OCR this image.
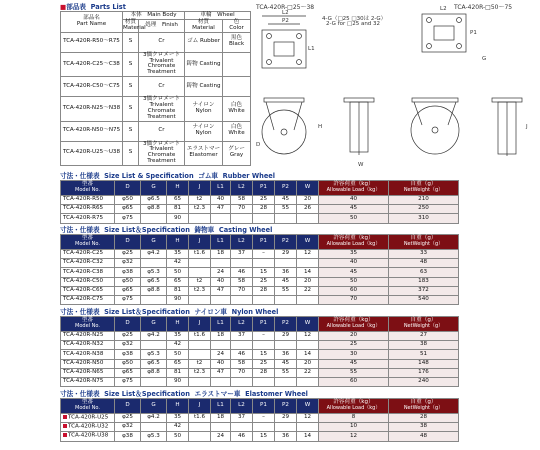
■部品表 Parts List
部品名
Part Name	本体　Main Body		車輪　Wheel	
	材質
Material	処理　 Finish	材質
Material	色
Color
TCA-420R-R50〜R75	S	Cr	ゴム Rubber	黒色 Black
TCA-420R-C25〜C38	S	3価クロメート Trivalent Chromate Treatment	鋳物 Casting	
TCA-420R-C50〜C75	S	Cr	鋳物 Casting	
TCA-420R-N25〜N38	S	3価クロメート Trivalent Chromate Treatment	ナイロン Nylon	白色 White
TCA-420R-N50〜N75	S	Cr	ナイロン Nylon	白色 White
TCA-420R-U25〜U38	S	3価クロメート Trivalent Chromate Treatment	エラストマー Elastomer	グレー Gray
TCA-420R-□25〜38	TCA-420R-□50〜75
4-G（□25 □30は 2-G）
2-G for □25 and 32
L2
P2
L1
D
H
W
L2
P1
G
J
寸法・仕様表 Size List & Specification ゴム車 Rubber Wheel
型番
Model No.	D	G	H	J	L1	L2	P1	P2	W	許容荷重（kg）
Allowable Load（kg）	自重（g）
NetWeight（g）

TCA-420R-R50	φ50	φ6.5	65	t2	40	58	25	45	20	40	210
TCA-420R-R65	φ65	φ8.8	81	t2.3	47	70	28	55	26	45	250
TCA-420R-R75	φ75		90							50	310
寸法・仕様表 Size List＆Specification 鋳物車 Casting Wheel
型番
Model No.	D	G	H	J	L1	L2	P1	P2	W	許容荷重（kg）
Allowable Load（kg）	自重（g）
NetWeight（g）

TCA-420R-C25	φ25	φ4.2	35	t1.6	18	37	–	29	12	35	33
TCA-420R-C32	φ32		42							40	48
TCA-420R-C38	φ38	φ5.3	50		24	46	15	36	14	45	63
TCA-420R-C50	φ50	φ6.5	65	t2	40	58	25	45	20	50	183
TCA-420R-C65	φ65	φ8.8	81	t2.3	47	70	28	55	22	60	372
TCA-420R-C75	φ75		90							70	540
寸法・仕様表 Size List＆Specification ナイロン車 Nylon Wheel
型番
Model No.	D	G	H	J	L1	L2	P1	P2	W	許容荷重（kg）
Allowable Load（kg）	自重（g）
NetWeight（g）

TCA-420R-N25	φ25	φ4.2	35	t1.6	18	37	–	29	12	20	27
TCA-420R-N32	φ32		42							25	38
TCA-420R-N38	φ38	φ5.3	50		24	46	15	36	14	30	51
TCA-420R-N50	φ50	φ6.5	65	t2	40	58	25	45	20	45	148
TCA-420R-N65	φ65	φ8.8	81	t2.3	47	70	28	55	22	55	176
TCA-420R-N75	φ75		90							60	240
寸法・仕様表 Size List＆Specification エラストマー車 Elastomer Wheel
型番
Model No.	D	G	H	J	L1	L2	P1	P2	W	許容荷重（kg）
Allowable Load（kg）	自重（g）
NetWeight（g）

TCA-420R-U25	φ25	φ4.2	35	t1.6	18	37	–	29	12	8	28
TCA-420R-U32	φ32		42							10	38
TCA-420R-U38	φ38	φ5.3	50		24	46	15	36	14	12	48
